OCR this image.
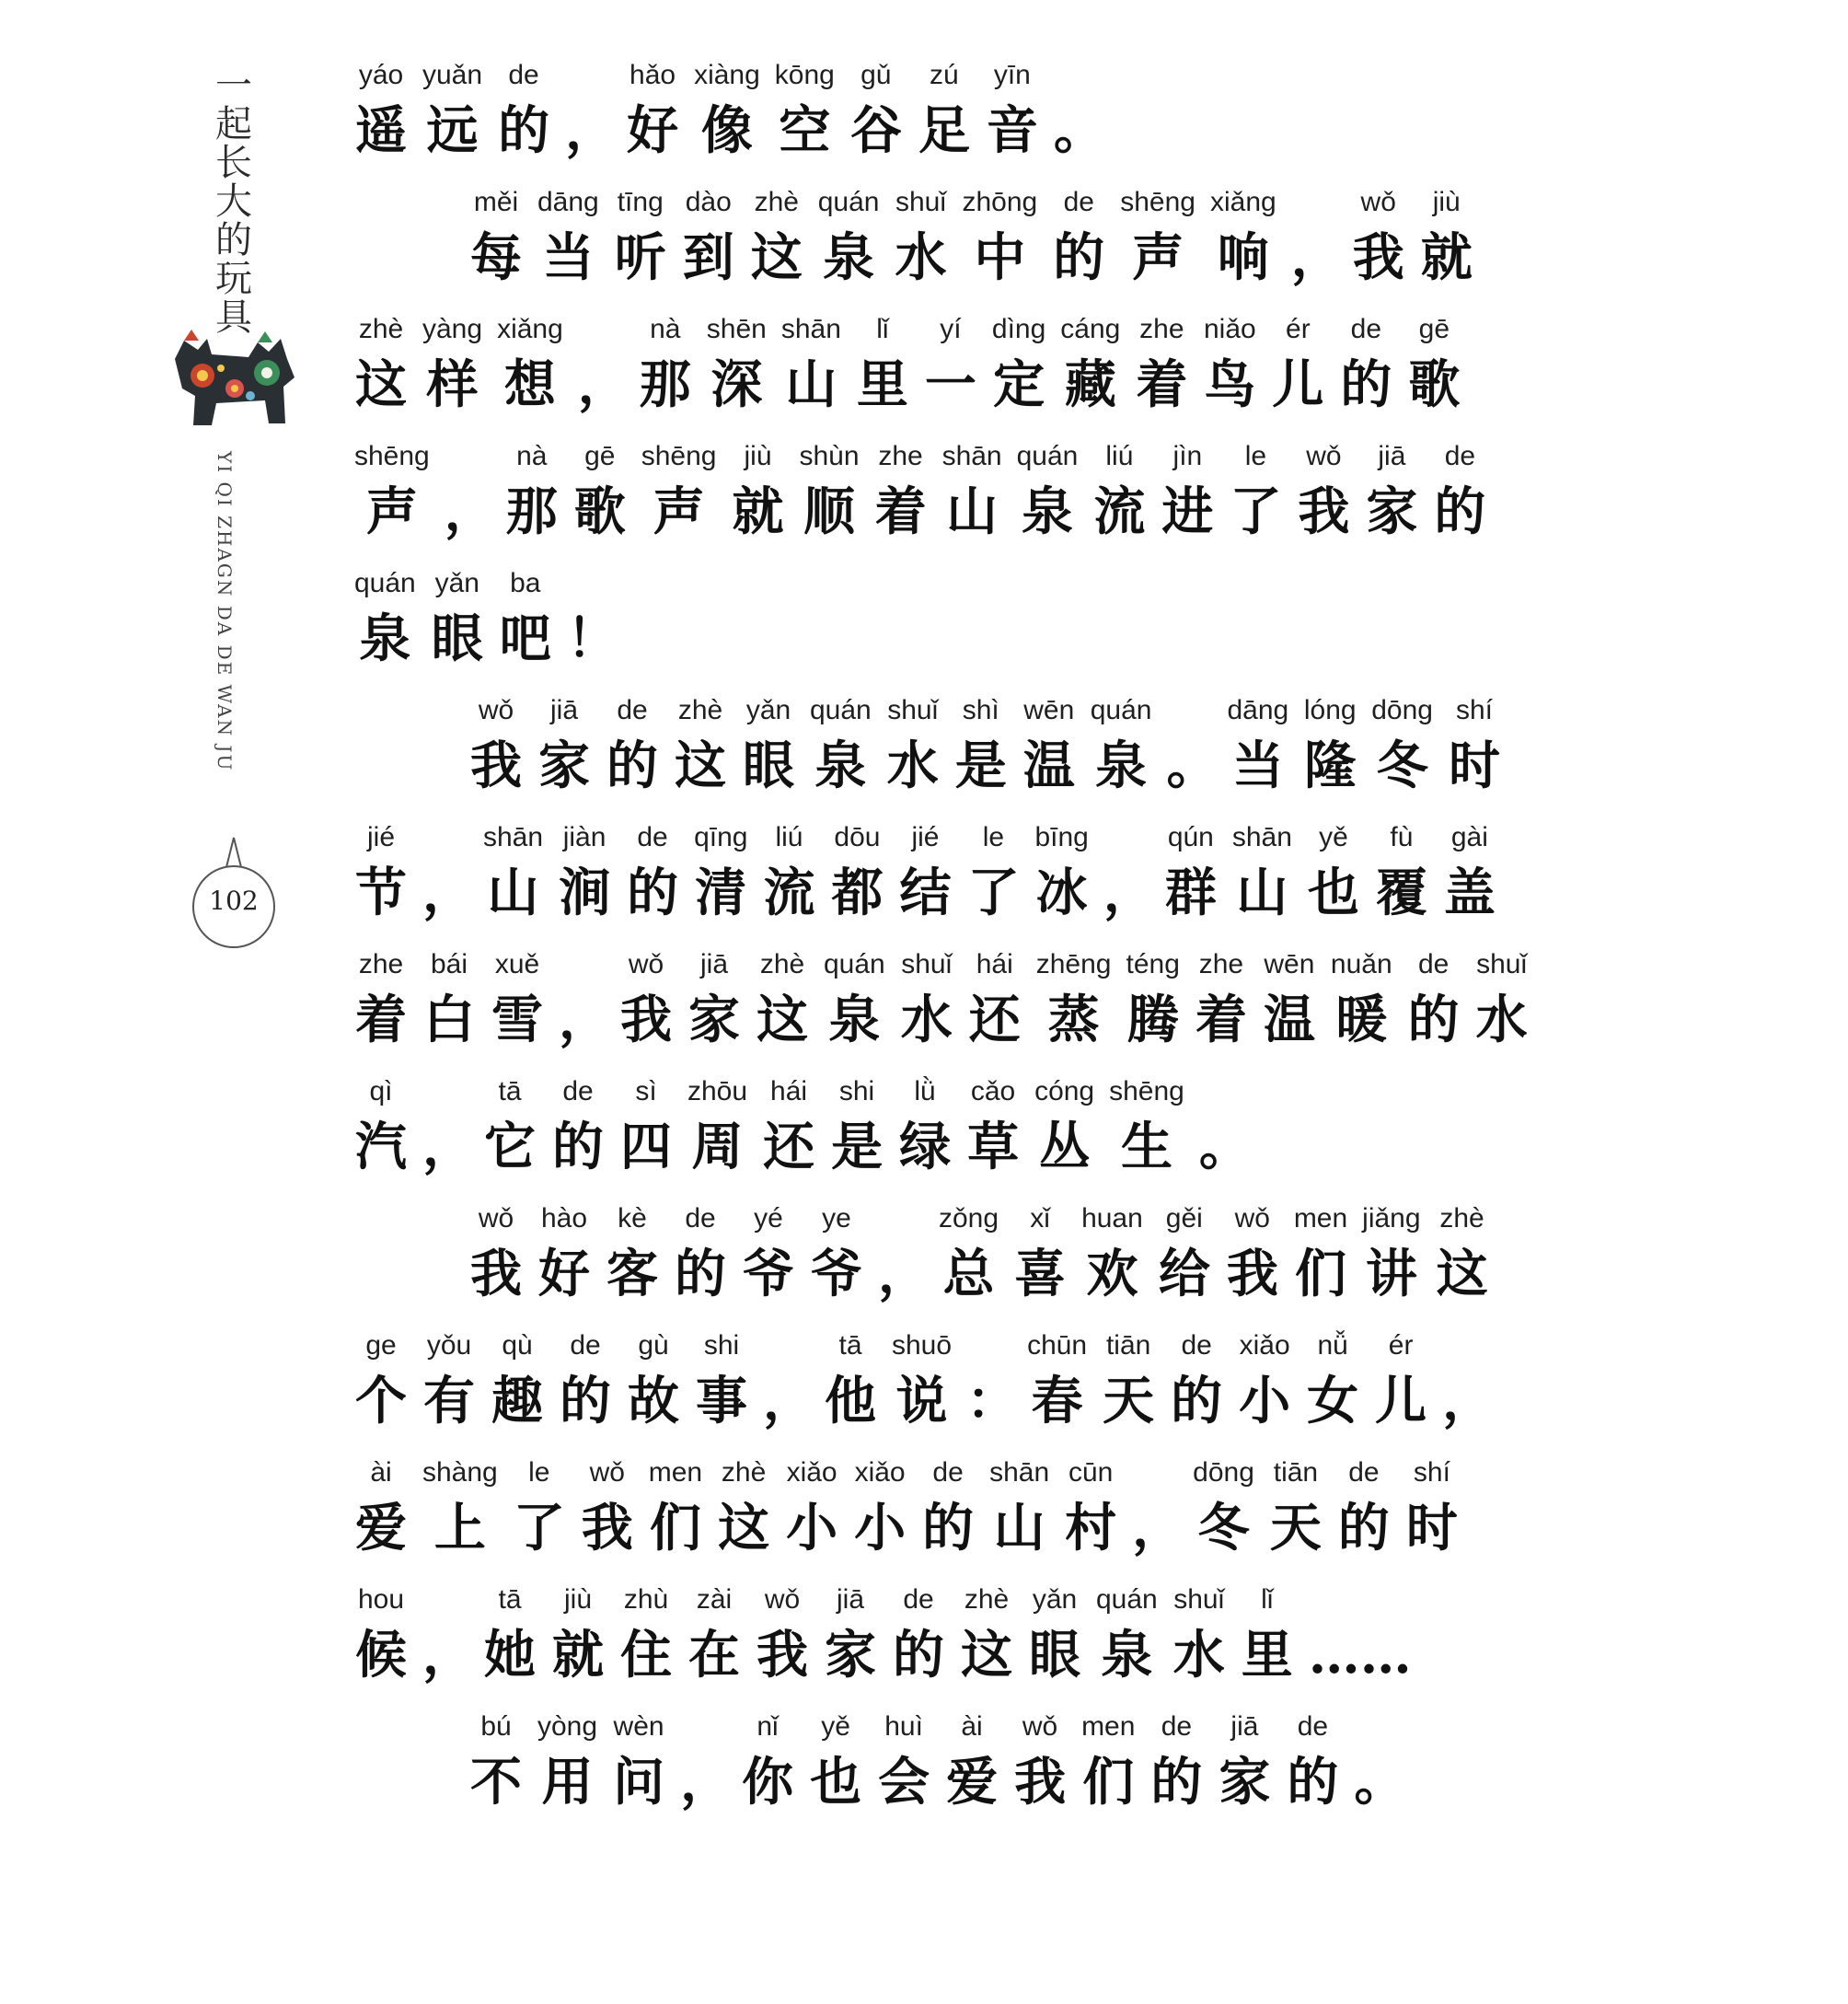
一起长大的玩具
YI QI ZHAGN DA DE WAN JU
102
yáo
遥
yuǎn
远
de
的 ，
hǎo
好
xiàng
像
kōng
空
gǔ
谷
zú
足
yīn
音 。
měi
每
dāng
当
tīng
听
dào
到
zhè
这
quán
泉
shuǐ
水
zhōng
中
de
的
shēng
声
xiǎng
响 ，
wǒ
我
jiù
就
zhè
这
yàng
样
xiǎng
想 ，
nà
那
shēn
深
shān
山
lǐ
里
yí
一
dìng
定
cáng
藏
zhe
着
niǎo
鸟
ér
儿
de
的
gē
歌
shēng
声 ，
nà
那
gē
歌
shēng
声
jiù
就
shùn
顺
zhe
着
shān
山
quán
泉
liú
流
jìn
进
le
了
wǒ
我
jiā
家
de
的
quán
泉
yǎn
眼
ba
吧 ！
wǒ
我
jiā
家
de
的
zhè
这
yǎn
眼
quán
泉
shuǐ
水
shì
是
wēn
温
quán
泉 。
dāng
当
lóng
隆
dōng
冬
shí
时
jié
节 ，
shān
山
jiàn
涧
de
的
qīng
清
liú
流
dōu
都
jié
结
le
了
bīng
冰 ，
qún
群
shān
山
yě
也
fù
覆
gài
盖
zhe
着
bái
白
xuě
雪 ，
wǒ
我
jiā
家
zhè
这
quán
泉
shuǐ
水
hái
还
zhēng
蒸
téng
腾
zhe
着
wēn
温
nuǎn
暖
de
的
shuǐ
水
qì
汽 ，
tā
它
de
的
sì
四
zhōu
周
hái
还
shi
是
lǜ
绿
cǎo
草
cóng
丛
shēng
生 。
wǒ
我
hào
好
kè
客
de
的
yé
爷
ye
爷 ，
zǒng
总
xǐ
喜
huan
欢
gěi
给
wǒ
我
men
们
jiǎng
讲
zhè
这
ge
个
yǒu
有
qù
趣
de
的
gù
故
shi
事 ，
tā
他
shuō
说 ：
chūn
春
tiān
天
de
的
xiǎo
小
nǚ
女
ér
儿 ，
ài
爱
shàng
上
le
了
wǒ
我
men
们
zhè
这
xiǎo
小
xiǎo
小
de
的
shān
山
cūn
村 ，
dōng
冬
tiān
天
de
的
shí
时
hou
候 ，
tā
她
jiù
就
zhù
住
zài
在
wǒ
我
jiā
家
de
的
zhè
这
yǎn
眼
quán
泉
shuǐ
水
lǐ
里 ……
bú
不
yòng
用
wèn
问 ，
nǐ
你
yě
也
huì
会
ài
爱
wǒ
我
men
们
de
的
jiā
家
de
的 。
